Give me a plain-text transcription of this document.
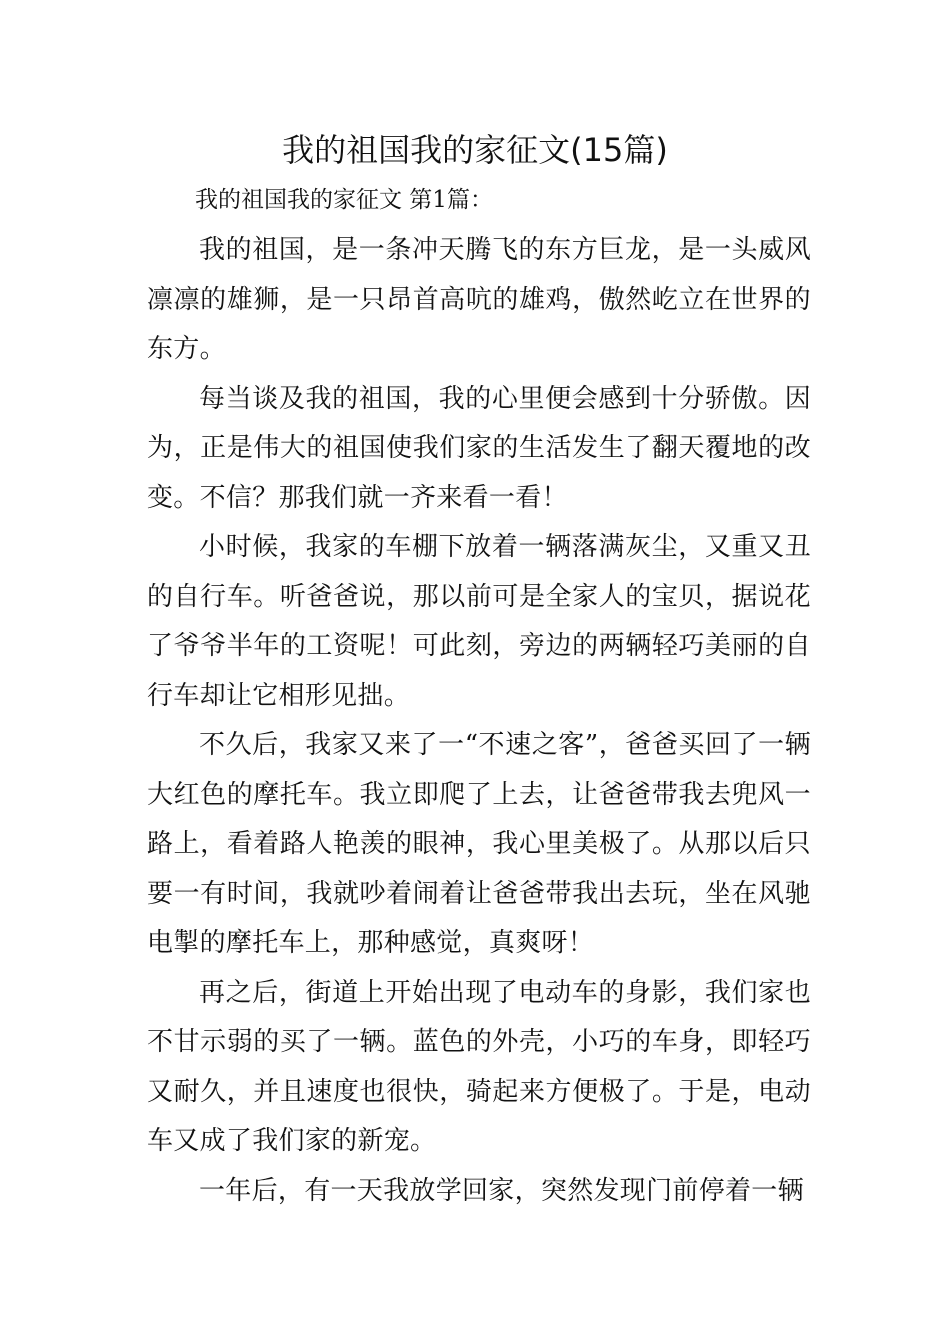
我的祖国我的家征文(15篇)

我的祖国我的家征文 第1篇：

我的祖国，是一条冲天腾飞的东方巨龙，是一头威风凛凛的雄狮，是一只昂首高吭的雄鸡，傲然屹立在世界的东方。

每当谈及我的祖国，我的心里便会感到十分骄傲。因为，正是伟大的祖国使我们家的生活发生了翻天覆地的改变。不信？那我们就一齐来看一看！

小时候，我家的车棚下放着一辆落满灰尘，又重又丑的自行车。听爸爸说，那以前可是全家人的宝贝，据说花了爷爷半年的工资呢！可此刻，旁边的两辆轻巧美丽的自行车却让它相形见拙。

不久后，我家又来了一“不速之客”，爸爸买回了一辆大红色的摩托车。我立即爬了上去，让爸爸带我去兜风一路上，看着路人艳羡的眼神，我心里美极了。从那以后只要一有时间，我就吵着闹着让爸爸带我出去玩，坐在风驰电掣的摩托车上，那种感觉，真爽呀！

再之后，街道上开始出现了电动车的身影，我们家也不甘示弱的买了一辆。蓝色的外壳，小巧的车身，即轻巧又耐久，并且速度也很快，骑起来方便极了。于是，电动车又成了我们家的新宠。

一年后，有一天我放学回家，突然发现门前停着一辆
